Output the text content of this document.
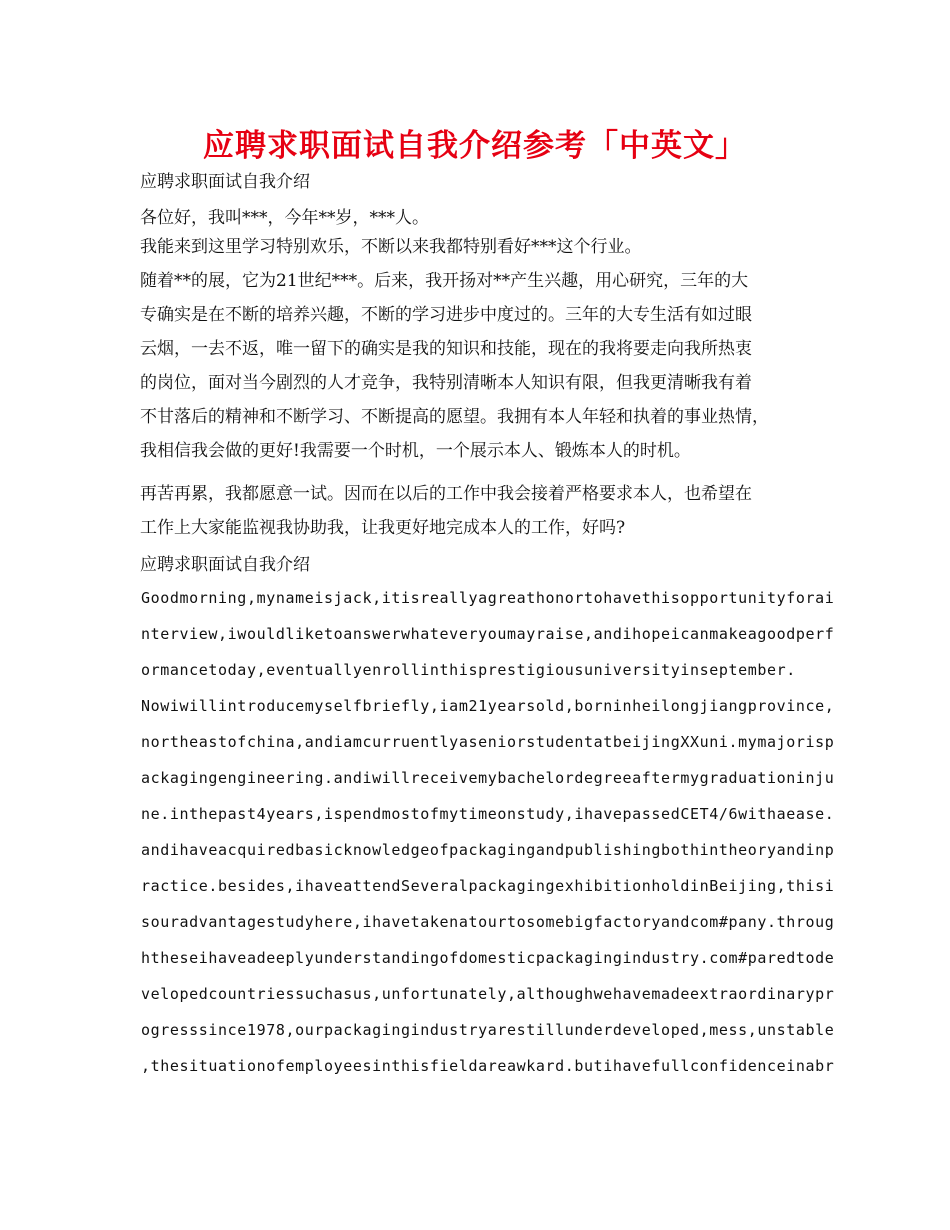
应聘求职面试自我介绍参考「中英文」

应聘求职面试自我介绍

各位好，我叫***，今年**岁，***人。

我能来到这里学习特别欢乐，不断以来我都特别看好***这个行业。

随着**的展，它为21世纪***。后来，我开扬对**产生兴趣，用心研究，三年的大

专确实是在不断的培养兴趣，不断的学习进步中度过的。三年的大专生活有如过眼

云烟，一去不返，唯一留下的确实是我的知识和技能，现在的我将要走向我所热衷

的岗位，面对当今剧烈的人才竞争，我特别清晰本人知识有限，但我更清晰我有着

不甘落后的精神和不断学习、不断提高的愿望。我拥有本人年轻和执着的事业热情，

我相信我会做的更好!我需要一个时机，一个展示本人、锻炼本人的时机。

再苦再累，我都愿意一试。因而在以后的工作中我会接着严格要求本人，也希望在

工作上大家能监视我协助我，让我更好地完成本人的工作，好吗?

应聘求职面试自我介绍

Goodmorning,mynameisjack,itisreallyagreathonortohavethisopportunityforai

nterview,iwouldliketoanswerwhateveryoumayraise,andihopeicanmakeagoodperf

ormancetoday,eventuallyenrollinthisprestigiousuniversityinseptember.

Nowiwillintroducemyselfbriefly,iam21yearsold,borninheilongjiangprovince,

northeastofchina,andiamcurruentlyaseniorstudentatbeijingXXuni.mymajorisp

ackagingengineering.andiwillreceivemybachelordegreeaftermygraduationinju

ne.inthepast4years,ispendmostofmytimeonstudy,ihavepassedCET4/6withaease.

andihaveacquiredbasicknowledgeofpackagingandpublishingbothintheoryandinp

ractice.besides,ihaveattendSeveralpackagingexhibitionholdinBeijing,thisi

souradvantagestudyhere,ihavetakenatourtosomebigfactoryandcom#pany.throug

htheseihaveadeeplyunderstandingofdomesticpackagingindustry.com#paredtode

velopedcountriessuchasus,unfortunately,althoughwehavemadeextraordinarypr

ogresssince1978,ourpackagingindustryarestillunderdeveloped,mess,unstable

,thesituationofemployeesinthisfieldareawkard.butihavefullconfidenceinabr
